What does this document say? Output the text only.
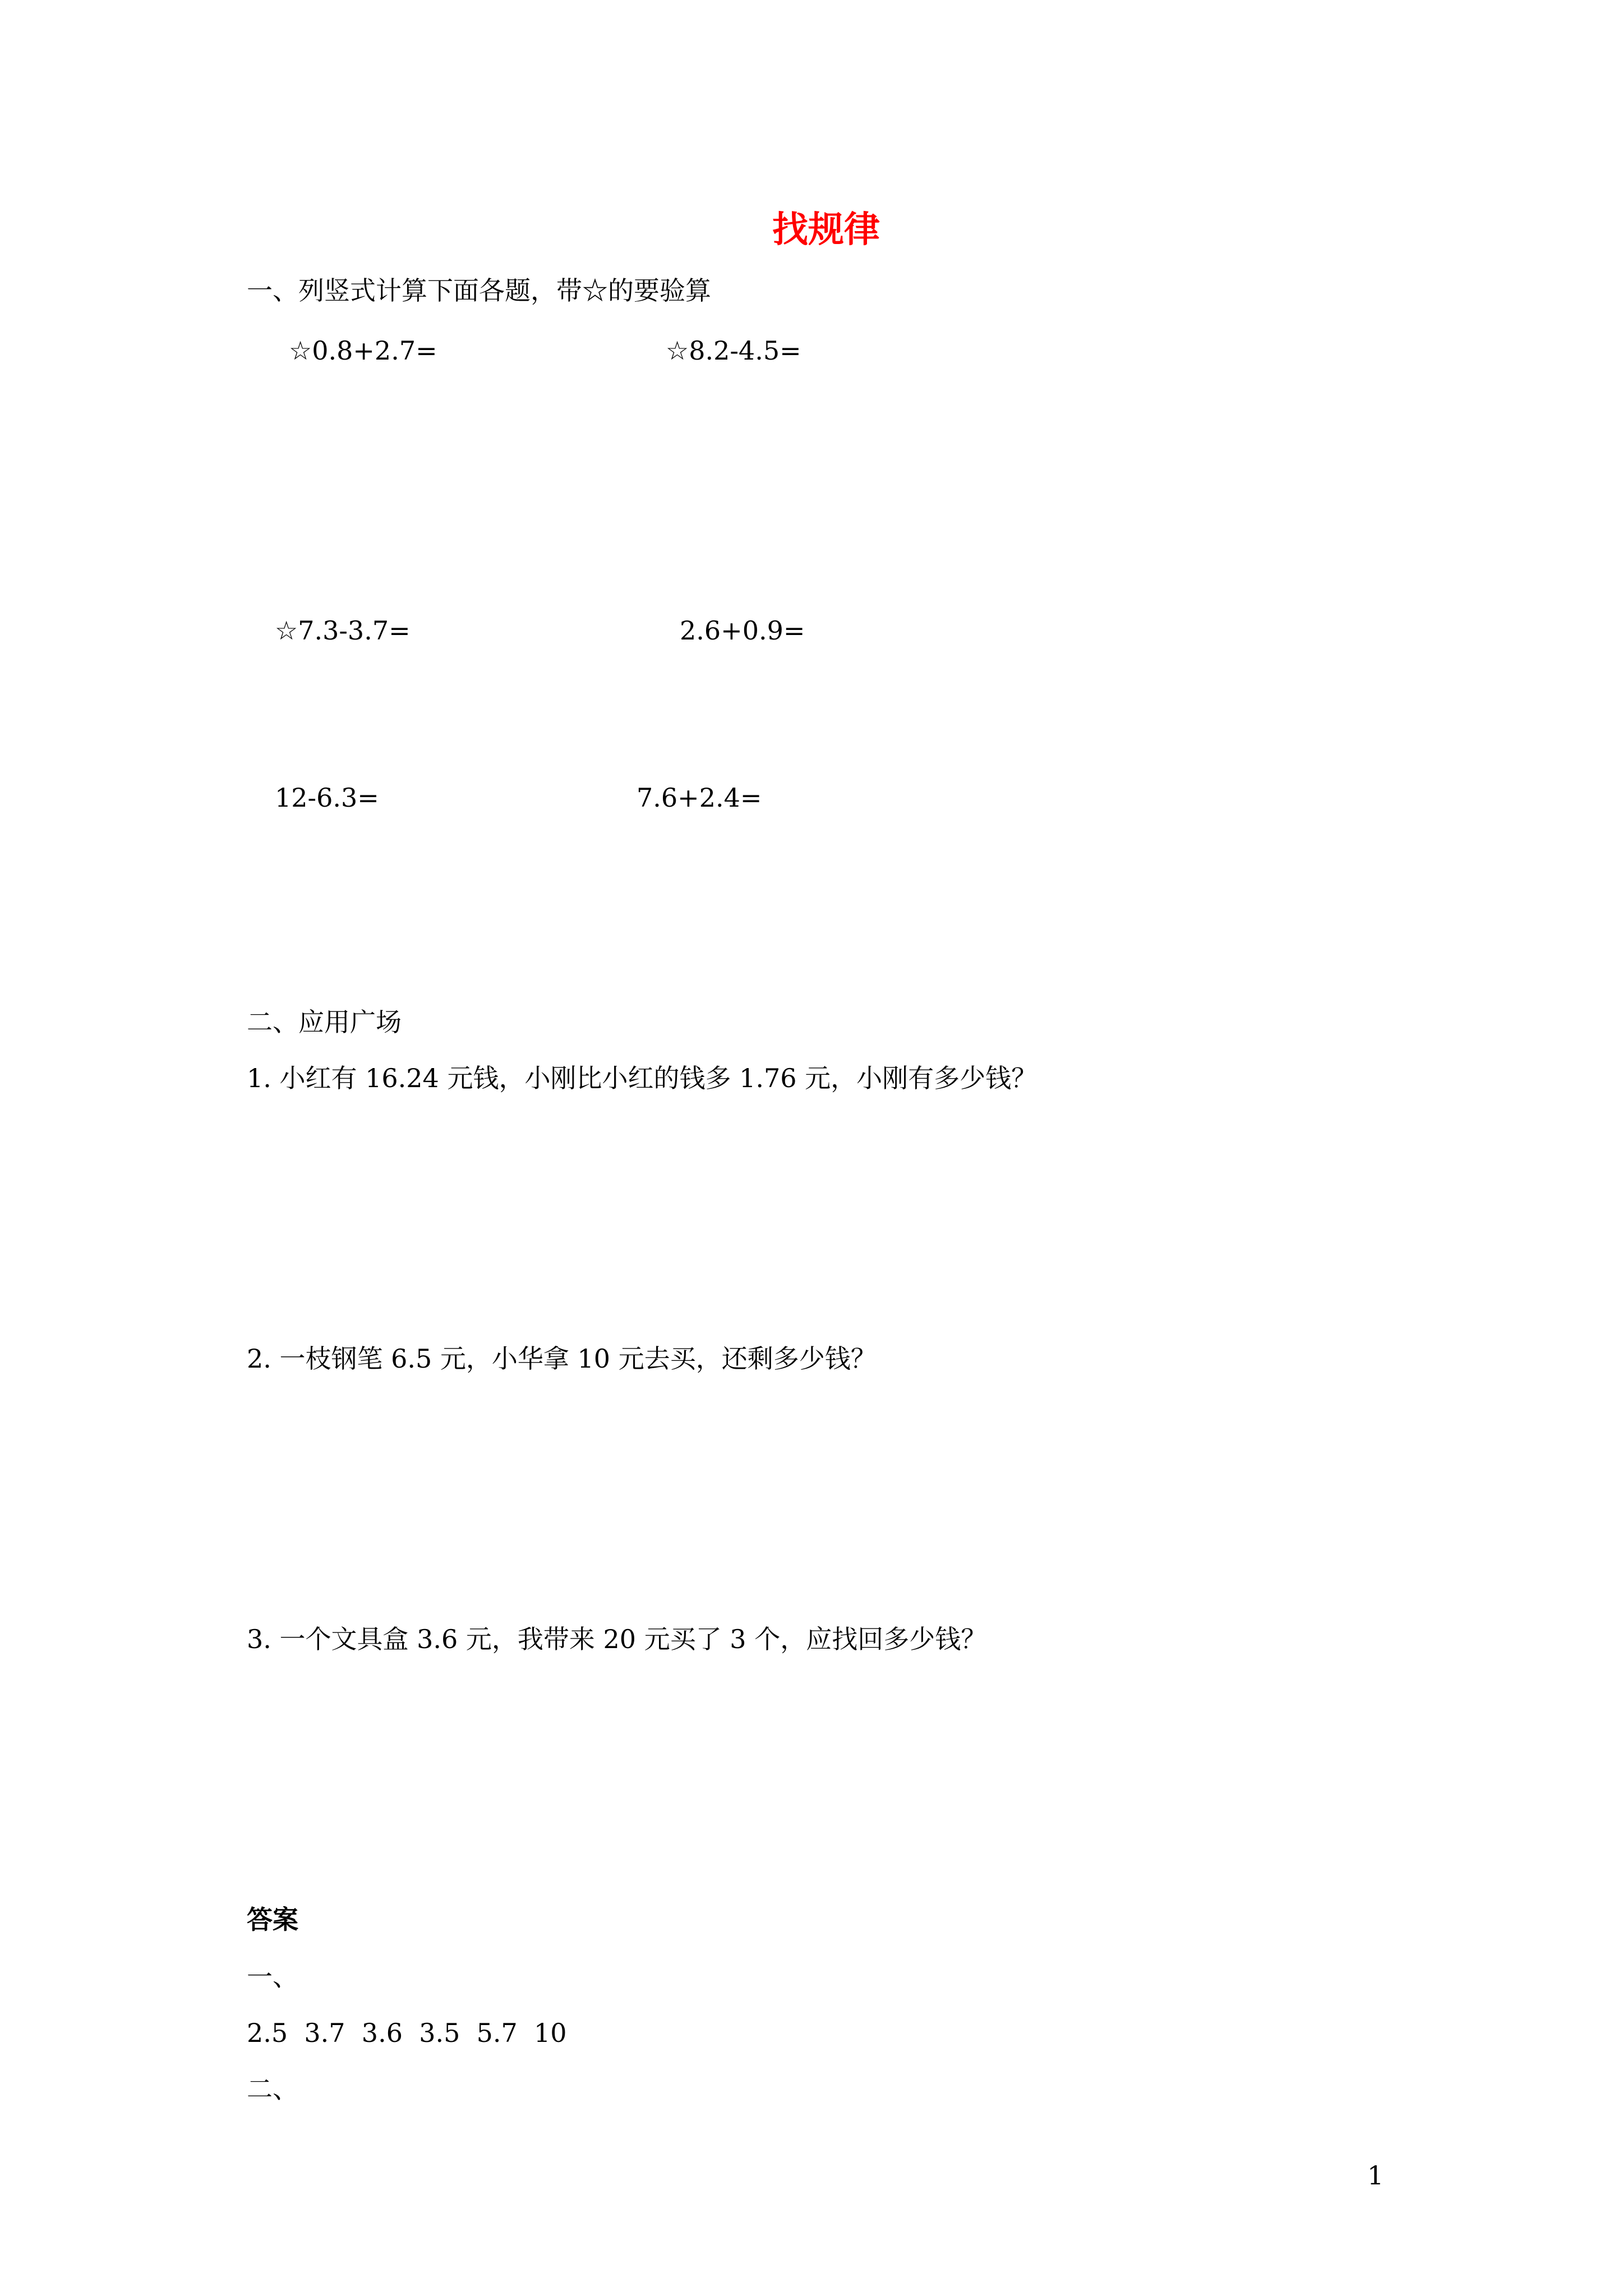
找规律
一、列竖式计算下面各题，带☆的要验算
☆0.8+2.7=	☆8.2-4.5=
☆7.3-3.7=	2.6+0.9=
12-6.3=	7.6+2.4=
二、应用广场
1. 小红有 16.24 元钱，小刚比小红的钱多 1.76 元，小刚有多少钱？
2. 一枝钢笔 6.5 元，小华拿 10 元去买，还剩多少钱？
3. 一个文具盒 3.6 元，我带来 20 元买了 3 个，应找回多少钱？
答案
一、
2.5  3.7  3.6  3.5  5.7  10
二、
1
